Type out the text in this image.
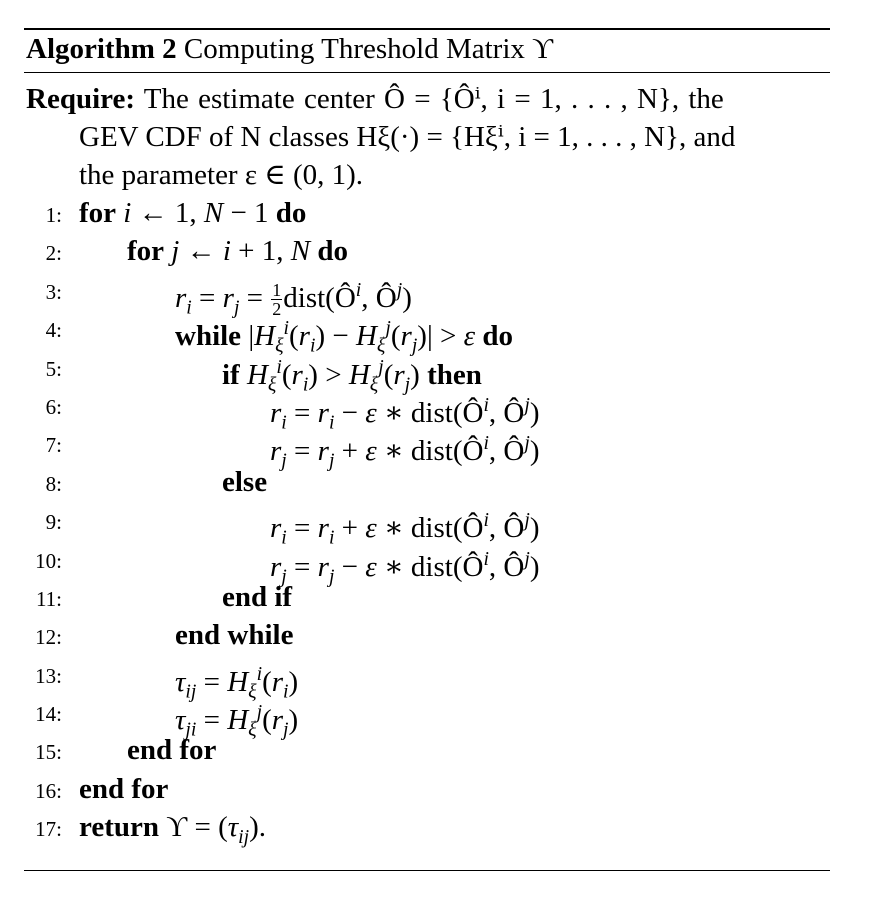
Algorithm 2 Computing Threshold Matrix ϒ
Require: The estimate center Ô = {Ôⁱ, i = 1, . . . , N}, the
GEV CDF of N classes Hξ(·) = {Hξⁱ, i = 1, . . . , N}, and
the parameter ε ∈ (0, 1).
1: for i ← 1, N − 1 do
2: for j ← i + 1, N do
3:	$r_i = r_j = \frac{1}{2}$ $dist(Ô^i$, $Ô^j$)
4:	while $|H_\xi^i(r_i) - H_\xi^j(r_j)| > \varepsilon$ do
5:	if $H_\xi^i(r_i) > H_\xi^j(r_j)$ then
6:	$r_i = r_i - \varepsilon$ ∗ $dist(Ô^i$, $Ô^j$)
7:	$r_j = r_j + \varepsilon$ ∗ $dist(Ô^i$, $Ô^j$)
8:	else
9:	$r_i = r_i + \varepsilon$ ∗ $dist(Ô^i$, $Ô^j$)
10:	$r_j = r_j - \varepsilon$ ∗ $dist(Ô^i$, $Ô^j$)
11:	end if
12:	end while
13:	$\tau_{ij} = H_\xi^i(r_i)$
14:	$\tau_{ji} = H_\xi^j(r_j)$
15: end for
16: end for
17: return $ϒ = (\tau_{ij})$.
